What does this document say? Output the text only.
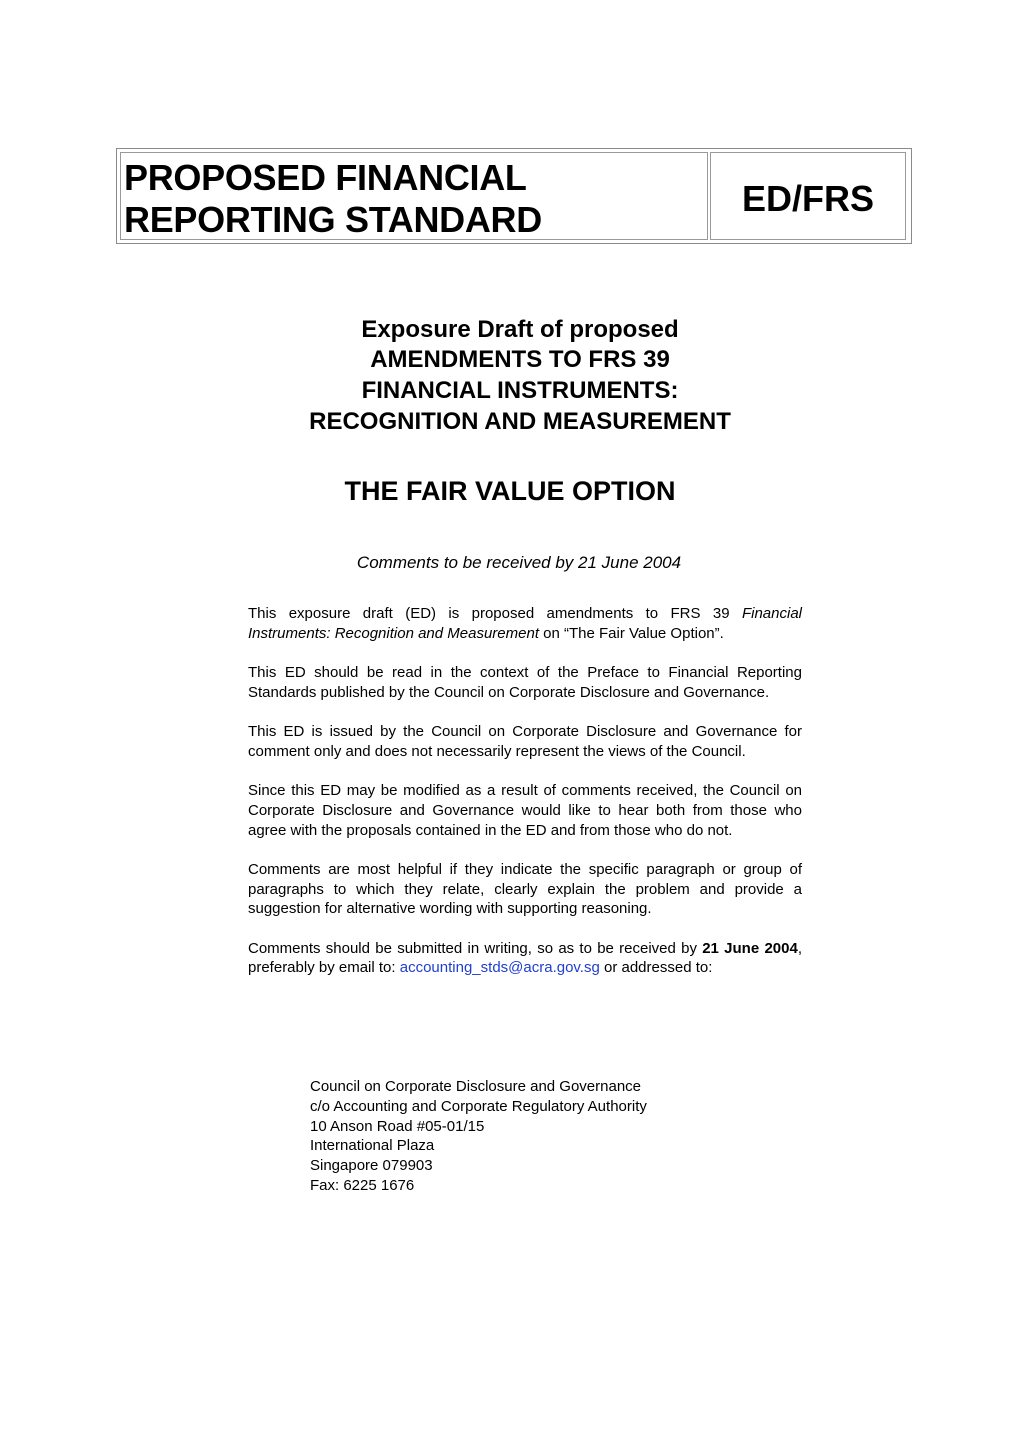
PROPOSED FINANCIAL
REPORTING STANDARD
ED/FRS
Exposure Draft of proposed
AMENDMENTS TO FRS 39
FINANCIAL INSTRUMENTS:
RECOGNITION AND MEASUREMENT
THE FAIR VALUE OPTION
Comments to be received by 21 June 2004

This exposure draft (ED) is proposed amendments to FRS 39 Financial Instruments: Recognition and Measurement on “The Fair Value Option”.

This ED should be read in the context of the Preface to Financial Reporting Standards published by the Council on Corporate Disclosure and Governance.

This ED is issued by the Council on Corporate Disclosure and Governance for comment only and does not necessarily represent the views of the Council.

Since this ED may be modified as a result of comments received, the Council on Corporate Disclosure and Governance would like to hear both from those who agree with the proposals contained in the ED and from those who do not.

Comments are most helpful if they indicate the specific paragraph or group of paragraphs to which they relate, clearly explain the problem and provide a suggestion for alternative wording with supporting reasoning.

Comments should be submitted in writing, so as to be received by 21 June 2004, preferably by email to: accounting_stds@acra.gov.sg or addressed to:

Council on Corporate Disclosure and Governance
c/o Accounting and Corporate Regulatory Authority
10 Anson Road #05-01/15
International Plaza
Singapore 079903
Fax: 6225 1676
